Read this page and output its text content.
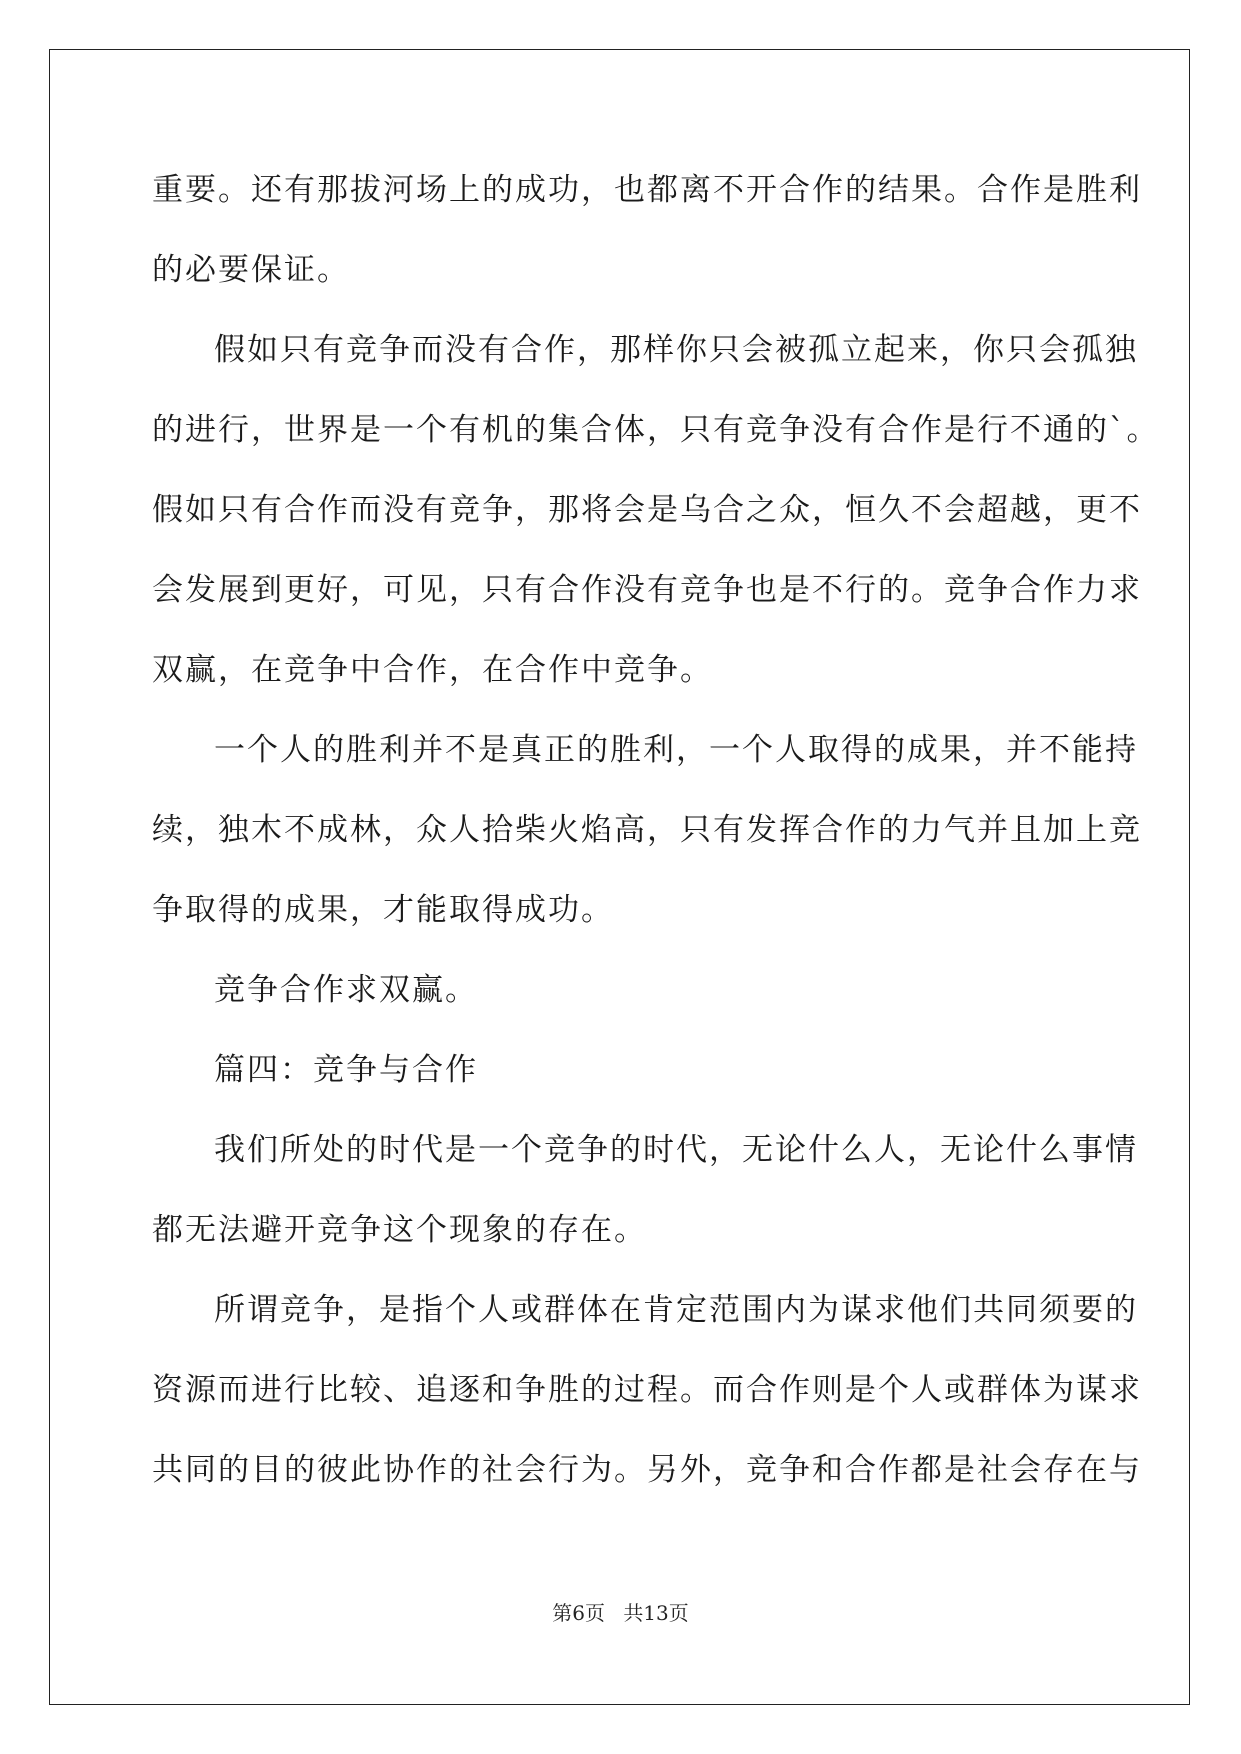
重要。还有那拔河场上的成功，也都离不开合作的结果。合作是胜利
的必要保证。
假如只有竞争而没有合作，那样你只会被孤立起来，你只会孤独
的进行，世界是一个有机的集合体，只有竞争没有合作是行不通的`。
假如只有合作而没有竞争，那将会是乌合之众，恒久不会超越，更不
会发展到更好，可见，只有合作没有竞争也是不行的。竞争合作力求
双赢，在竞争中合作，在合作中竞争。
一个人的胜利并不是真正的胜利，一个人取得的成果，并不能持
续，独木不成林，众人拾柴火焰高，只有发挥合作的力气并且加上竞
争取得的成果，才能取得成功。
竞争合作求双赢。
篇四：竞争与合作
我们所处的时代是一个竞争的时代，无论什么人，无论什么事情
都无法避开竞争这个现象的存在。
所谓竞争，是指个人或群体在肯定范围内为谋求他们共同须要的
资源而进行比较、追逐和争胜的过程。而合作则是个人或群体为谋求
共同的目的彼此协作的社会行为。另外，竞争和合作都是社会存在与
第6页 共13页
